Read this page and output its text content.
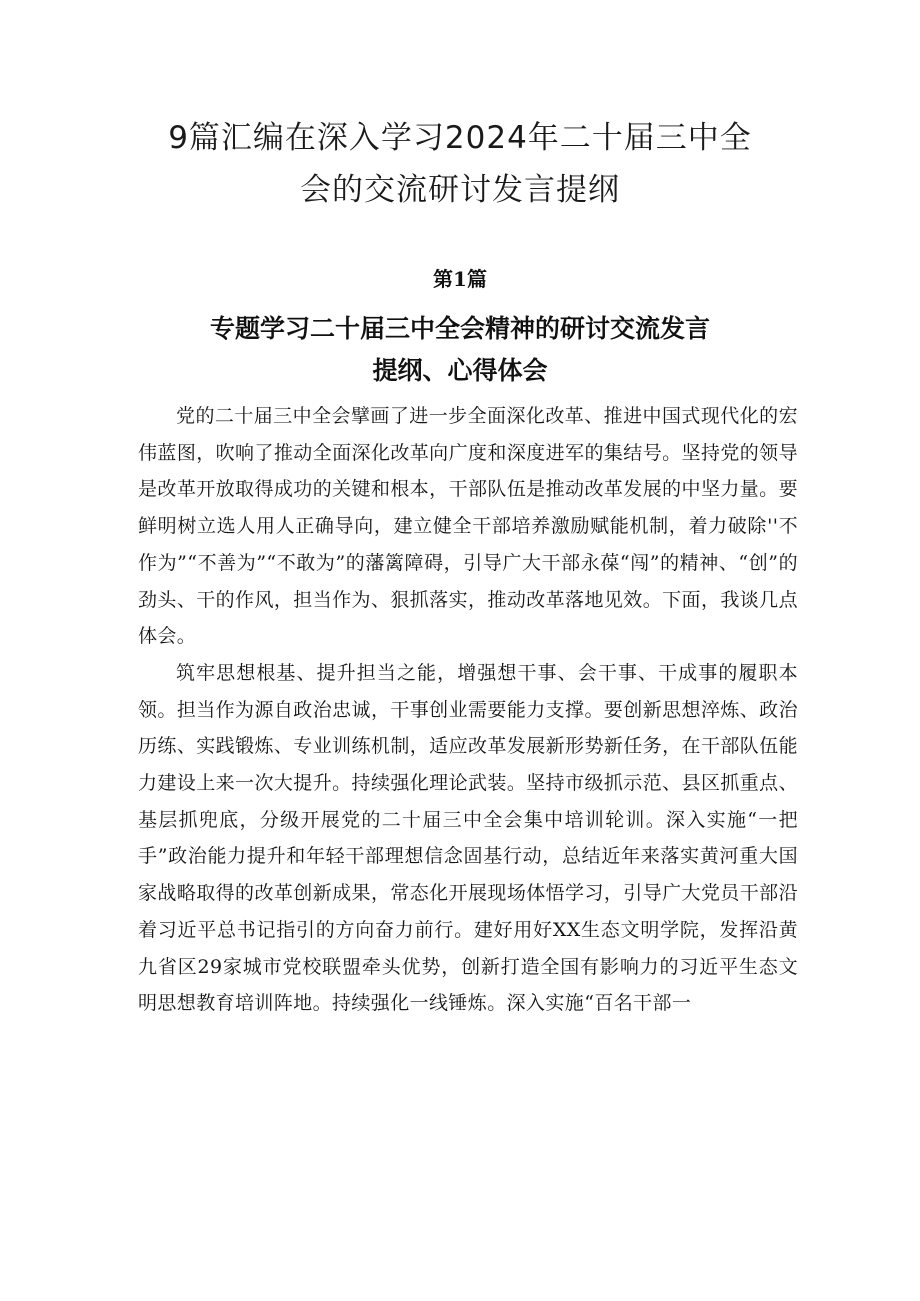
9篇汇编在深入学习2024年二十届三中全
会的交流研讨发言提纲
第1篇
专题学习二十届三中全会精神的研讨交流发言
提纲、心得体会

党的二十届三中全会擘画了进一步全面深化改革、推进中国式现代化的宏伟蓝图，吹响了推动全面深化改革向广度和深度进军的集结号。坚持党的领导是改革开放取得成功的关键和根本，干部队伍是推动改革发展的中坚力量。要鲜明树立选人用人正确导向，建立健全干部培养激励赋能机制，着力破除''不作为”“不善为”“不敢为”的藩篱障碍，引导广大干部永葆“闯”的精神、“创”的劲头、干的作风，担当作为、狠抓落实，推动改革落地见效。下面，我谈几点体会。

筑牢思想根基、提升担当之能，增强想干事、会干事、干成事的履职本领。担当作为源自政治忠诚，干事创业需要能力支撑。要创新思想淬炼、政治历练、实践锻炼、专业训练机制，适应改革发展新形势新任务，在干部队伍能力建设上来一次大提升。持续强化理论武装。坚持市级抓示范、县区抓重点、基层抓兜底，分级开展党的二十届三中全会集中培训轮训。深入实施“一把手”政治能力提升和年轻干部理想信念固基行动，总结近年来落实黄河重大国家战略取得的改革创新成果，常态化开展现场体悟学习，引导广大党员干部沿着习近平总书记指引的方向奋力前行。建好用好XX生态文明学院，发挥沿黄九省区29家城市党校联盟牵头优势，创新打造全国有影响力的习近平生态文明思想教育培训阵地。持续强化一线锤炼。深入实施“百名干部一
